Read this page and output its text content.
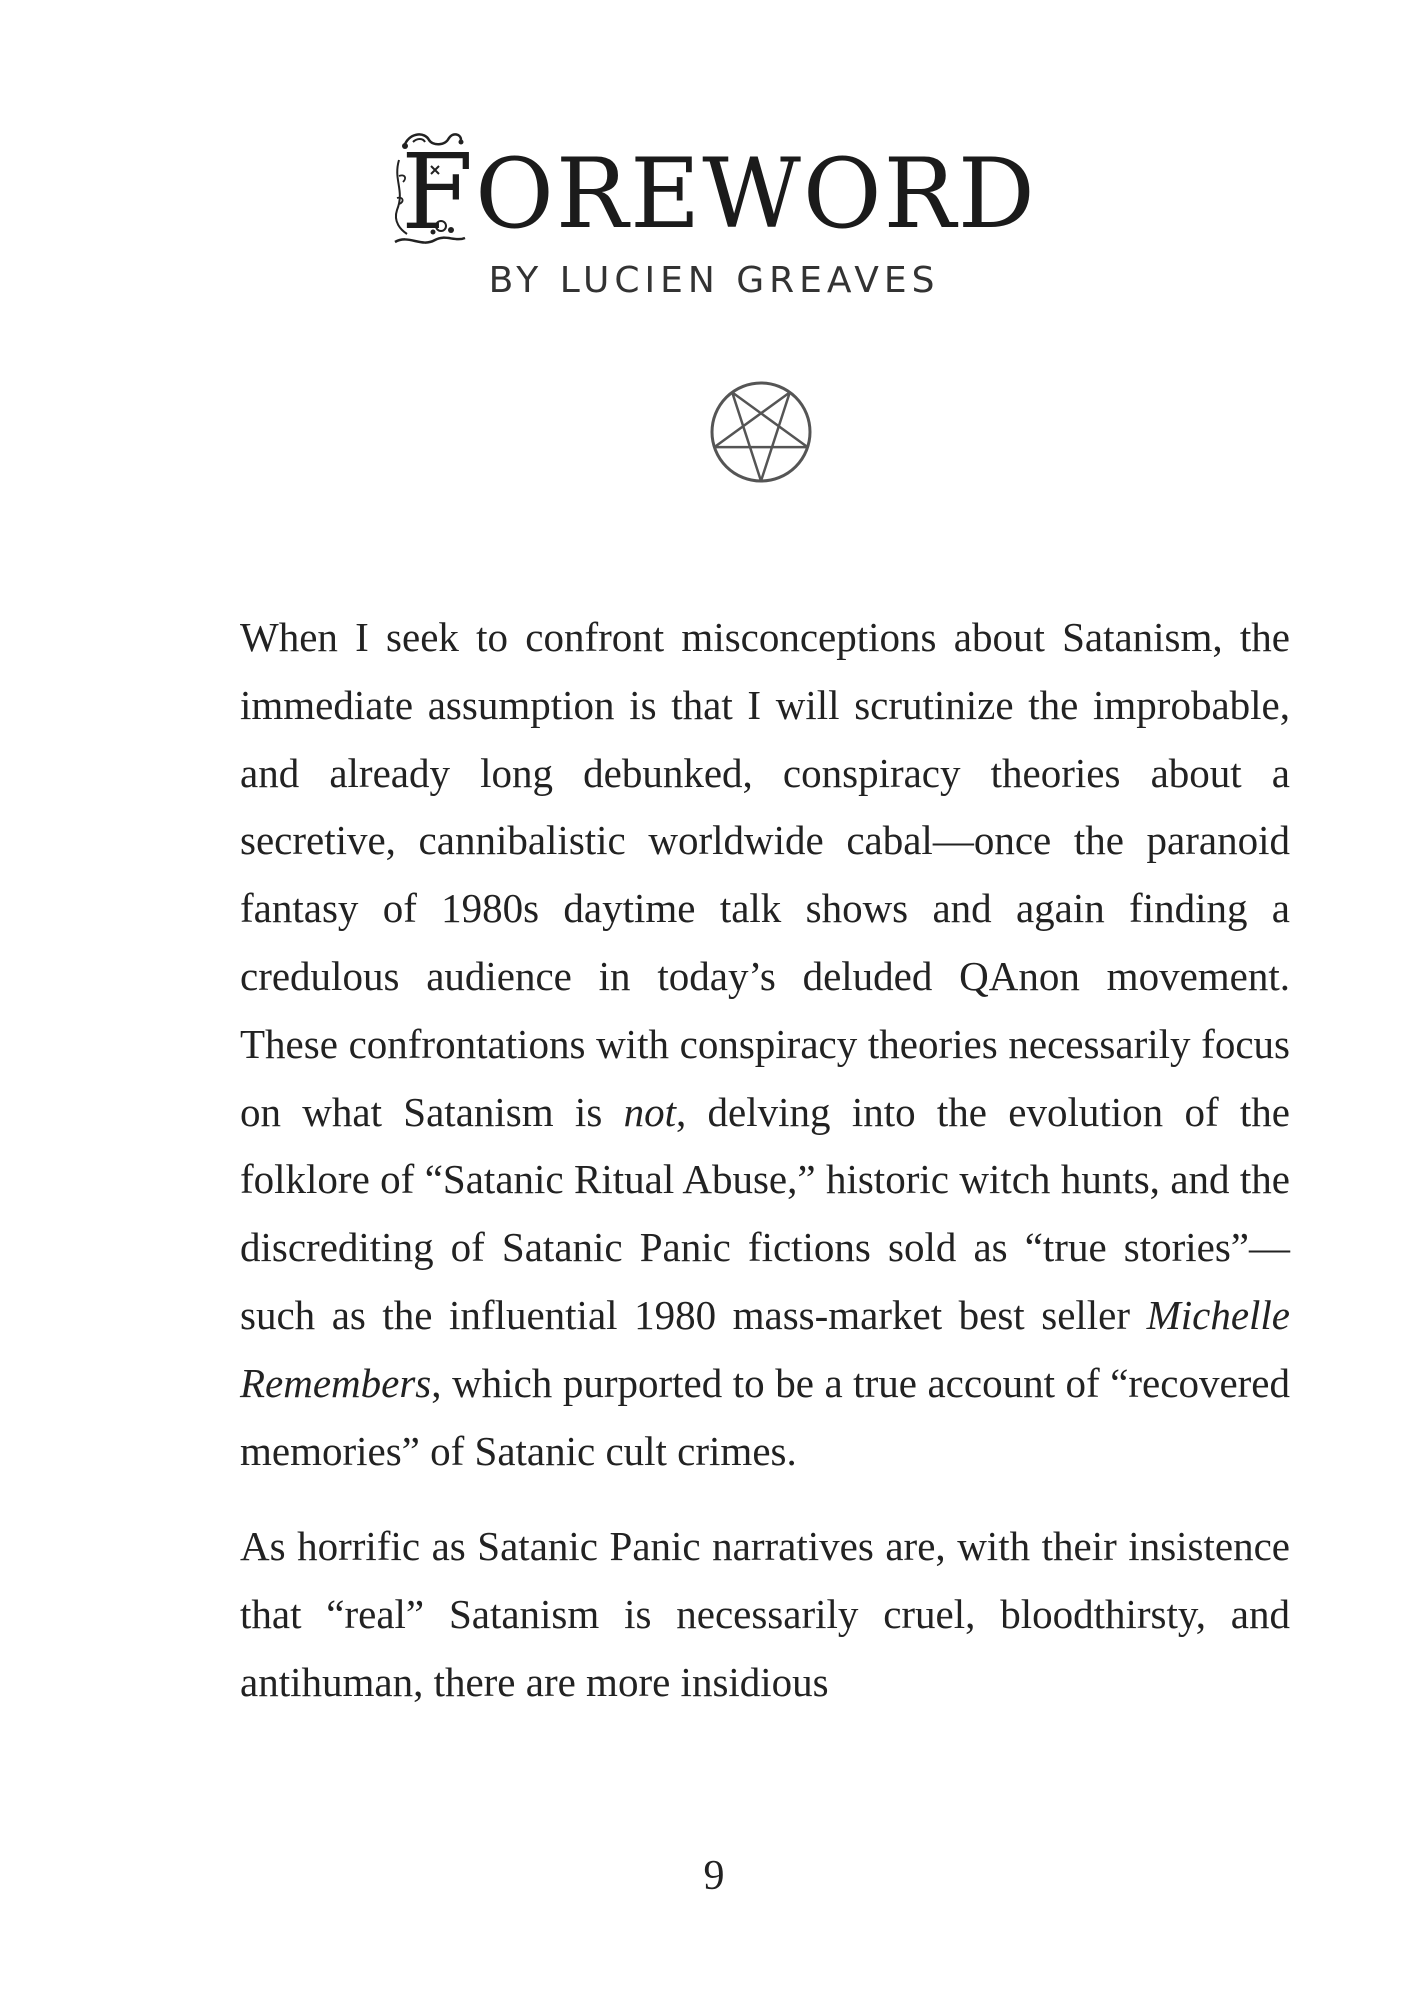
F OREWORD
BY LUCIEN GREAVES

When I seek to confront misconceptions about Satanism, the immediate assumption is that I will scrutinize the improbable, and already long debunked, conspiracy theories about a secretive, cannibalistic worldwide cabal—once the paranoid fantasy of 1980s daytime talk shows and again finding a credulous audience in today’s deluded QAnon movement. These confrontations with conspiracy theories necessarily focus on what Satanism is not, delving into the evolution of the folklore of “Satanic Ritual Abuse,” historic witch hunts, and the discrediting of Satanic Panic fictions sold as “true stories”—such as the influential 1980 mass-market best seller Michelle Remembers, which purported to be a true account of “recovered memories” of Satanic cult crimes.

As horrific as Satanic Panic narratives are, with their insistence that “real” Satanism is necessarily cruel, bloodthirsty, and antihuman, there are more insidious

9
